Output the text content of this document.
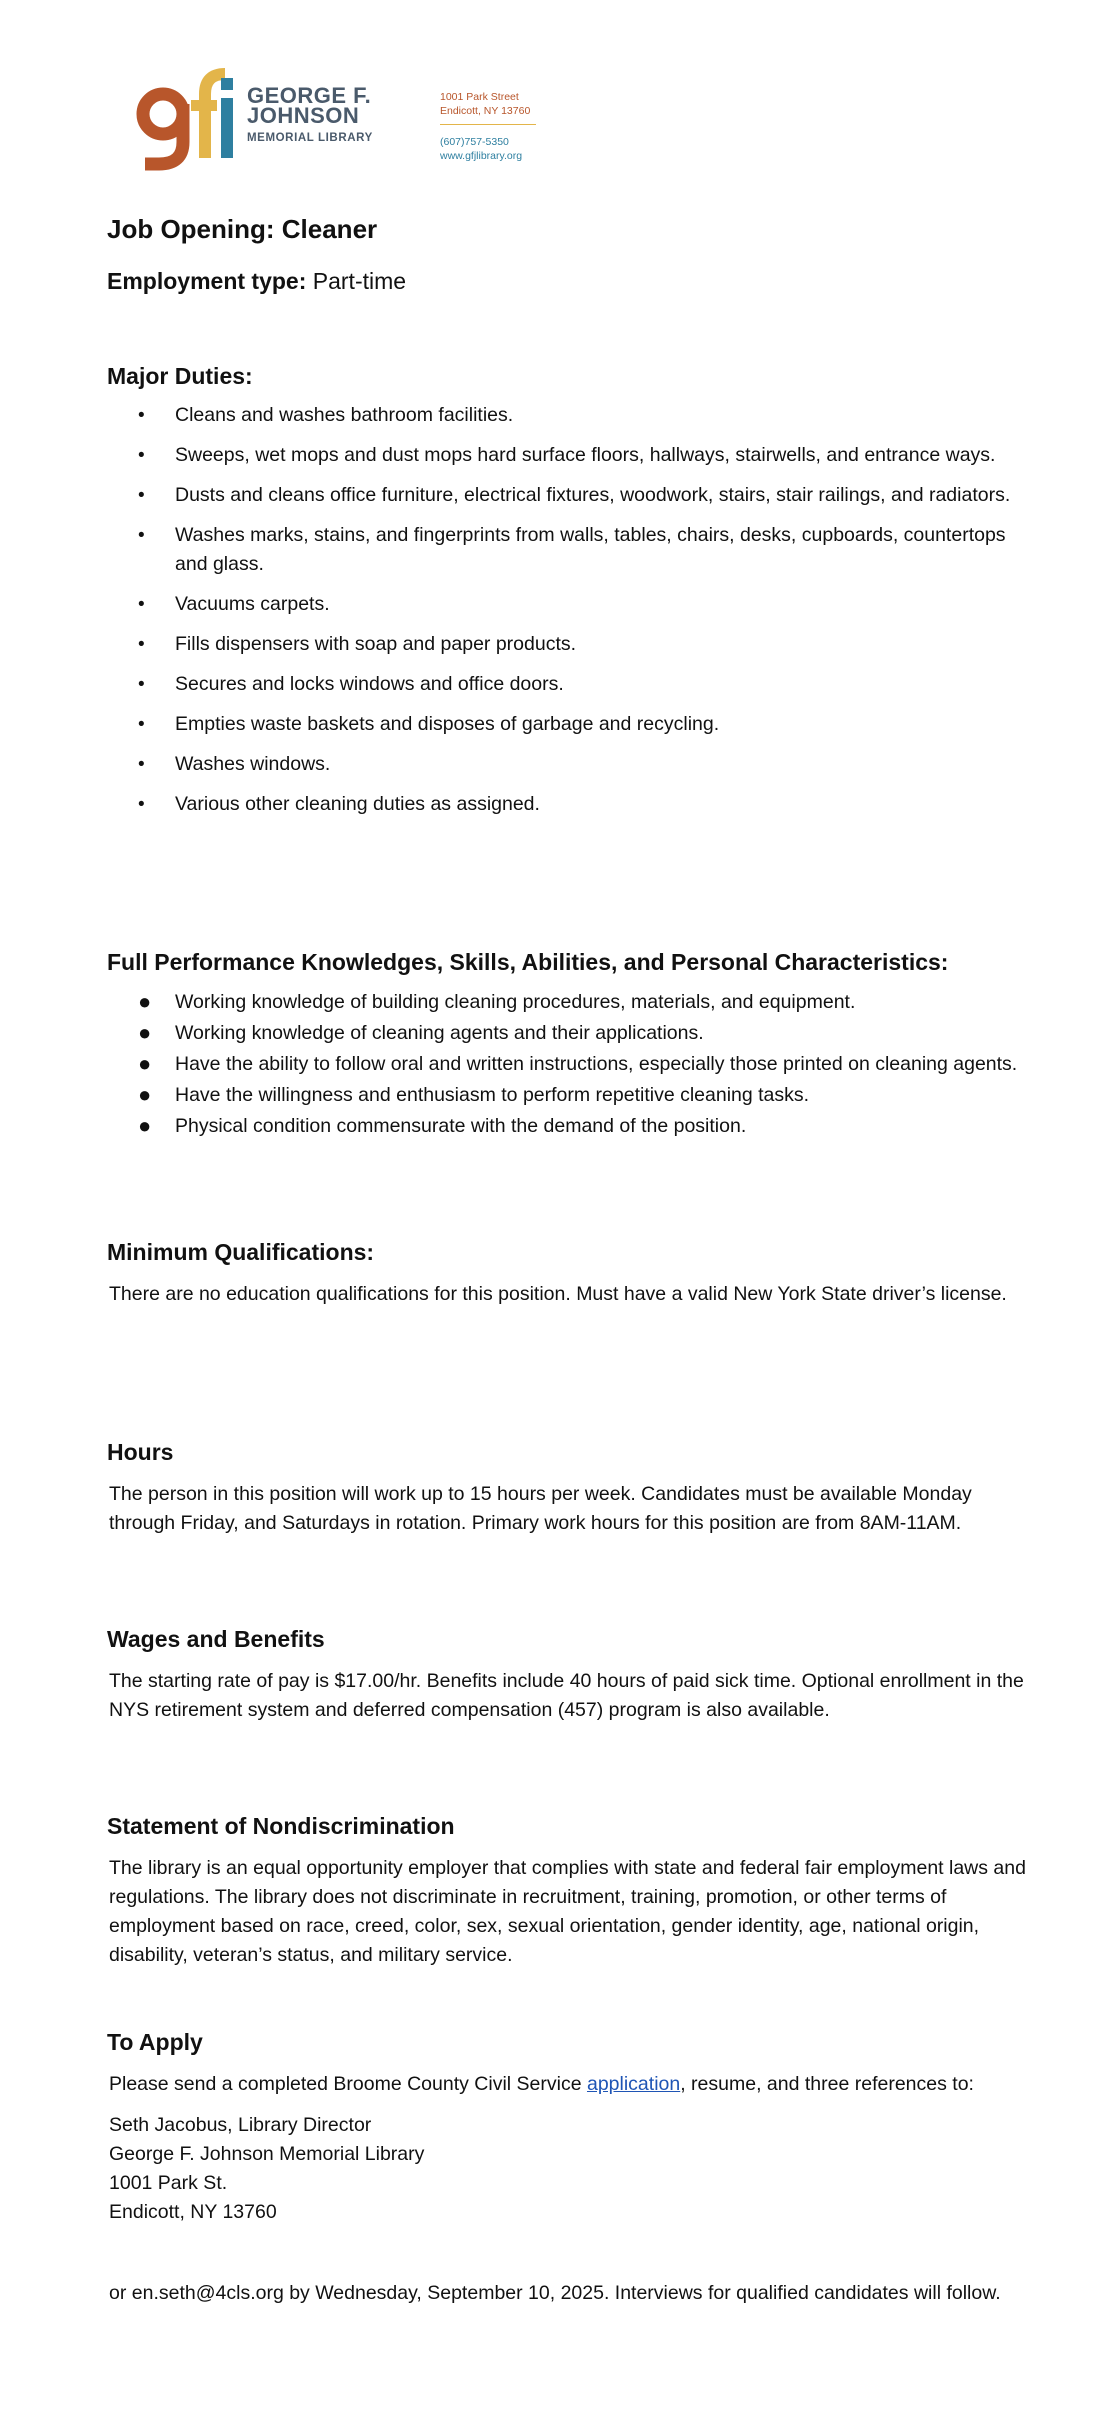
GEORGE F.
JOHNSON
MEMORIAL LIBRARY
1001 Park Street
Endicott, NY 13760
(607)757-5350
www.gfjlibrary.org
Job Opening: Cleaner
Employment type: Part-time
Major Duties:
• Cleans and washes bathroom facilities.
• Sweeps, wet mops and dust mops hard surface floors, hallways, stairwells, and entrance ways.
• Dusts and cleans office furniture, electrical fixtures, woodwork, stairs, stair railings, and radiators.
• Washes marks, stains, and fingerprints from walls, tables, chairs, desks, cupboards, countertops and glass.
• Vacuums carpets.
• Fills dispensers with soap and paper products.
• Secures and locks windows and office doors.
• Empties waste baskets and disposes of garbage and recycling.
• Washes windows.
• Various other cleaning duties as assigned.
Full Performance Knowledges, Skills, Abilities, and Personal Characteristics:
● Working knowledge of building cleaning procedures, materials, and equipment.
● Working knowledge of cleaning agents and their applications.
● Have the ability to follow oral and written instructions, especially those printed on cleaning agents.
● Have the willingness and enthusiasm to perform repetitive cleaning tasks.
● Physical condition commensurate with the demand of the position.
Minimum Qualifications:

There are no education qualifications for this position. Must have a valid New York State driver’s license.

Hours

The person in this position will work up to 15 hours per week. Candidates must be available Monday through Friday, and Saturdays in rotation. Primary work hours for this position are from 8AM-11AM.

Wages and Benefits

The starting rate of pay is $17.00/hr. Benefits include 40 hours of paid sick time. Optional enrollment in the NYS retirement system and deferred compensation (457) program is also available.

Statement of Nondiscrimination

The library is an equal opportunity employer that complies with state and federal fair employment laws and regulations. The library does not discriminate in recruitment, training, promotion, or other terms of employment based on race, creed, color, sex, sexual orientation, gender identity, age, national origin, disability, veteran’s status, and military service.

To Apply

Please send a completed Broome County Civil Service application, resume, and three references to:

Seth Jacobus, Library Director

George F. Johnson Memorial Library

1001 Park St.

Endicott, NY 13760

or en.seth@4cls.org by Wednesday, September 10, 2025. Interviews for qualified candidates will follow.
